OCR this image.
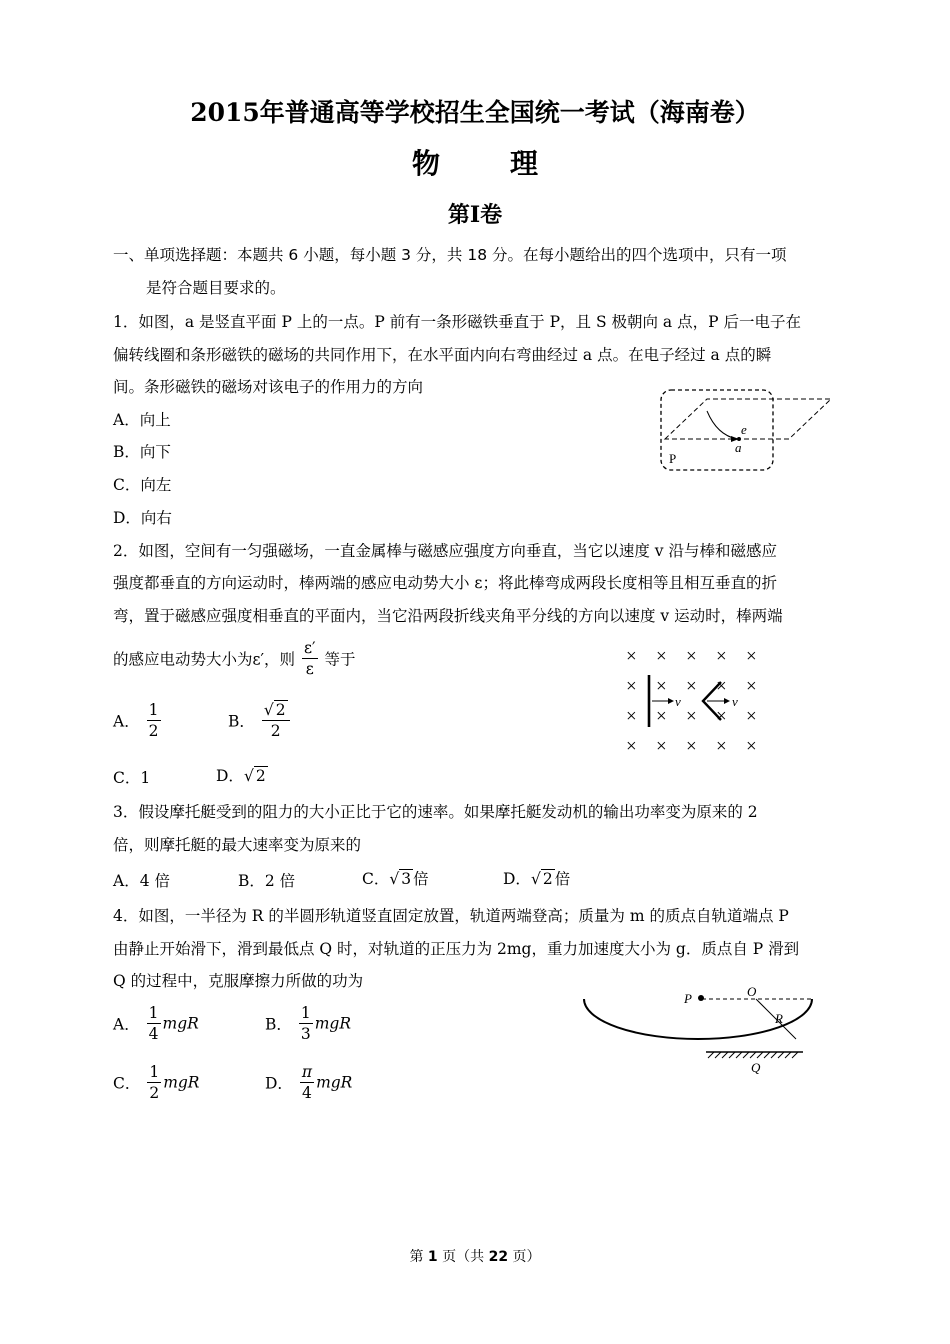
2015年普通高等学校招生全国统一考试（海南卷）
物理
第I卷
一、单项选择题：本题共 6 小题，每小题 3 分，共 18 分。在每小题给出的四个选项中，只有一项
是符合题目要求的。
1．如图，a 是竖直平面 P 上的一点。P 前有一条形磁铁垂直于 P，且 S 极朝向 a 点，P 后一电子在
偏转线圈和条形磁铁的磁场的共同作用下，在水平面内向右弯曲经过 a 点。在电子经过 a 点的瞬
间。条形磁铁的磁场对该电子的作用力的方向
A．向上
B．向下
C．向左
D．向右
e
a
P
2．如图，空间有一匀强磁场，一直金属棒与磁感应强度方向垂直，当它以速度 v 沿与棒和磁感应
强度都垂直的方向运动时，棒两端的感应电动势大小 ε；将此棒弯成两段长度相等且相互垂直的折
弯，置于磁感应强度相垂直的平面内，当它沿两段折线夹角平分线的方向以速度 v 运动时，棒两端
的感应电动势大小为ε′，则 $\frac{\varepsilon'}{\varepsilon}$ 等于
A． $\frac{1}{2}$	B． $\frac{√ 2}{2}$
C．1	D．√ 2
× × × × ×
× × × × ×
× × × × ×
× × × × ×
v	v
3．假设摩托艇受到的阻力的大小正比于它的速率。如果摩托艇发动机的输出功率变为原来的 2
倍，则摩托艇的最大速率变为原来的
A．4 倍	B．2 倍	C．√ 3 倍	D．√ 2 倍
4．如图，一半径为 R 的半圆形轨道竖直固定放置，轨道两端登高；质量为 m 的质点自轨道端点 P
由静止开始滑下，滑到最低点 Q 时，对轨道的正压力为 2mg，重力加速度大小为 g．质点自 P 滑到
Q 的过程中，克服摩擦力所做的功为
A． $\frac{1}{4}$ mgR	B． $\frac{1}{3}$ mgR
C． $\frac{1}{2}$ mgR	D． $\frac{\pi}{4}$ mgR
P	O
R
Q
第 1 页（共 22 页）
